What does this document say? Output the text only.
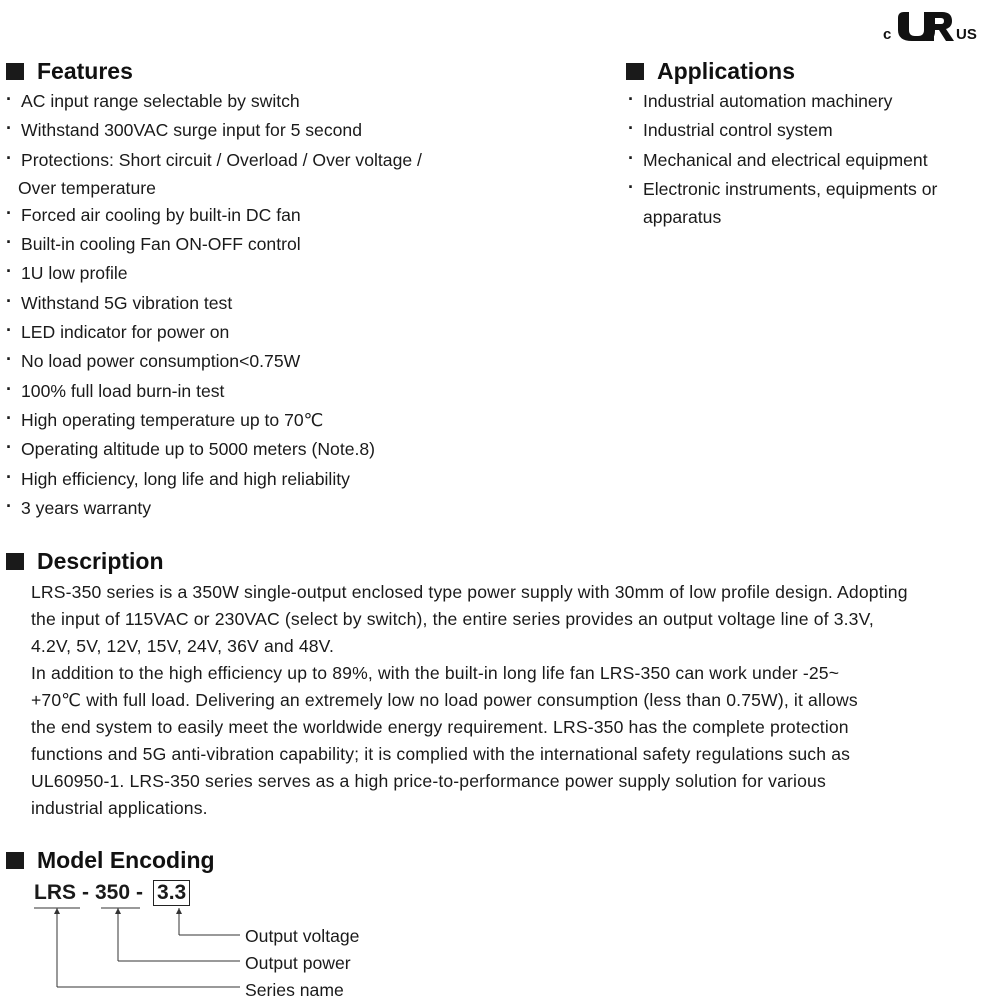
c	US
Features
· AC input range selectable by switch
· Withstand 300VAC surge input for 5 second
· Protections: Short circuit / Overload / Over voltage /
Over temperature
· Forced air cooling by built-in DC fan
· Built-in cooling Fan ON-OFF control
· 1U low profile
· Withstand 5G vibration test
· LED indicator for power on
· No load power consumption<0.75W
· 100% full load burn-in test
· High operating temperature up to 70℃
· Operating altitude up to 5000 meters (Note.8)
· High efficiency, long life and high reliability
· 3 years warranty
Applications
· Industrial automation machinery
· Industrial control system
· Mechanical and electrical equipment
· Electronic instruments, equipments or
apparatus
Description

LRS-350 series is a 350W single-output enclosed type power supply with 30mm of low profile design. Adopting

the input of 115VAC or 230VAC (select by switch), the entire series provides an output voltage line of 3.3V,

4.2V, 5V, 12V, 15V, 24V, 36V and 48V.

In addition to the high efficiency up to 89%, with the built-in long life fan LRS-350 can work under -25~

+70℃ with full load. Delivering an extremely low no load power consumption (less than 0.75W), it allows

the end system to easily meet the worldwide energy requirement. LRS-350 has the complete protection

functions and 5G anti-vibration capability; it is complied with the international safety regulations such as

UL60950-1. LRS-350 series serves as a high price-to-performance power supply solution for various

industrial applications.

Model Encoding
LRS - 350 - 3.3
Output voltage
Output power
Series name
